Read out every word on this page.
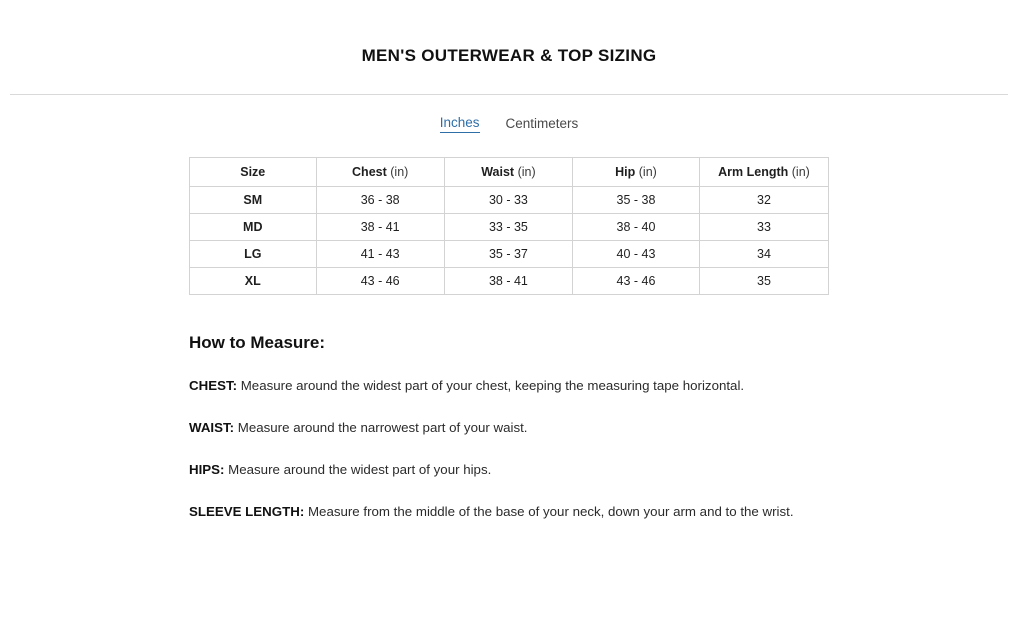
MEN'S OUTERWEAR & TOP SIZING
Inches Centimeters
Size	Chest (in)	Waist (in)	Hip (in)	Arm Length (in)
SM	36 - 38	30 - 33	35 - 38	32
MD	38 - 41	33 - 35	38 - 40	33
LG	41 - 43	35 - 37	40 - 43	34
XL	43 - 46	38 - 41	43 - 46	35
How to Measure:

CHEST: Measure around the widest part of your chest, keeping the measuring tape horizontal.

WAIST: Measure around the narrowest part of your waist.

HIPS: Measure around the widest part of your hips.

SLEEVE LENGTH: Measure from the middle of the base of your neck, down your arm and to the wrist.
